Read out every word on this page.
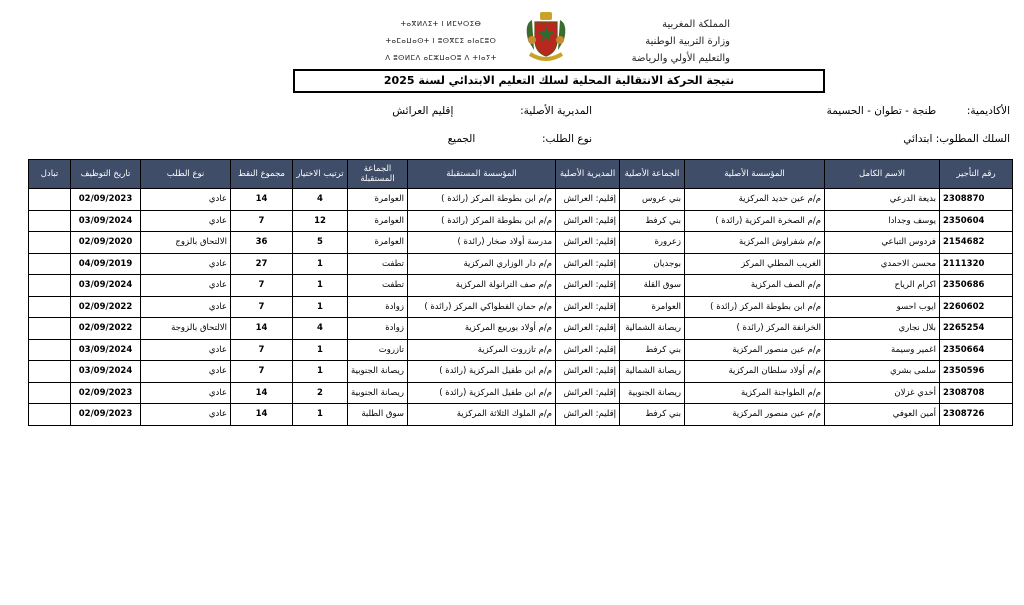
المملكة المغربية
وزارة التربية الوطنية
والتعليم الأولي والرياضة
ⵜⴰⴳⵍⴷⵉⵜ ⵏ ⵍⵎⵖⵔⵉⴱ
ⵜⴰⵎⴰⵡⴰⵙⵜ ⵏ ⵓⵙⴳⵎⵉ ⴰⵏⴰⵎⵓⵔ
ⴷ ⵓⵙⵍⵎⴷ ⴰⵎⵣⵡⴰⵔⵓ ⴷ ⵜⵏⴰⵢⵜ
نتيجة الحركة الانتقالية المحلية لسلك التعليم الابتدائي لسنة 2025
الأكاديمية:  طنجة - تطوان - الحسيمة
المديرية الأصلية:  إقليم العرائش
السلك المطلوب: ابتدائي
نوع الطلب:  الجميع
رقم التأجير	الاسم الكامل	المؤسسة الأصلية	الجماعة الأصلية	المديرية الأصلية	المؤسسة المستقبلة	الجماعة المستقبلة	ترتيب الاختيار	مجموع النقط	نوع الطلب	تاريخ التوظيف	تبادل
2308870	بديعة الدرعي	م/م عين حديد المركزية	بني عروس	إقليم: العرائش	م/م ابن بطوطة المركز (رائدة )	العوامرة	4	14	عادي	02/09/2023	
2350604	يوسف وجدادا	م/م الصخرة المركزية (رائدة )	بني كرفط	إقليم: العرائش	م/م ابن بطوطة المركز (رائدة )	العوامرة	12	7	عادي	03/09/2024	
2154682	فردوس التباعي	م/م شفراوش المركزية	زعرورة	إقليم: العرائش	مدرسة أولاد صخار (رائدة )	العوامرة	5	36	الالتحاق بالزوج	02/09/2020	
2111320	محسن الاحمدي	الغريب المطلي المركز	بوجديان	إقليم: العرائش	م/م دار الوزاري المركزية	تطفت	1	27	عادي	04/09/2019	
2350686	اكرام الرياح	م/م الصف المركزية	سوق القلة	إقليم: العرائش	م/م صف الترانولة المركزية	تطفت	1	7	عادي	03/09/2024	
2260602	ايوب احسو	م/م ابن بطوطة المركز (رائدة )	العوامرة	إقليم: العرائش	م/م حمان الفطواكي المركز (رائدة )	زوادة	1	7	عادي	02/09/2022	
2265254	بلال نجاري	الخرانفة المركز (رائدة )	ريصانة الشمالية	إقليم: العرائش	م/م أولاد بوربيع المركزية	زوادة	4	14	الالتحاق بالزوجة	02/09/2022	
2350664	اغمير وسيمة	م/م عين منصور المركزية	بني كرفط	إقليم: العرائش	م/م تازروت المركزية	تازروت	1	7	عادي	03/09/2024	
2350596	سلمى بشري	م/م أولاد سلطان المركزية	ريصانة الشمالية	إقليم: العرائش	م/م ابن طفيل المركزية (رائدة )	ريصانة الجنوبية	1	7	عادي	03/09/2024	
2308708	أخدي غزلان	م/م الطواجنة المركزية	ريصانة الجنوبية	إقليم: العرائش	م/م ابن طفيل المركزية (رائدة )	ريصانة الجنوبية	2	14	عادي	02/09/2023	
2308726	أمين العوفي	م/م عين منصور المركزية	بني كرفط	إقليم: العرائش	م/م الملوك الثلاثة المركزية	سوق الطلبة	1	14	عادي	02/09/2023	
